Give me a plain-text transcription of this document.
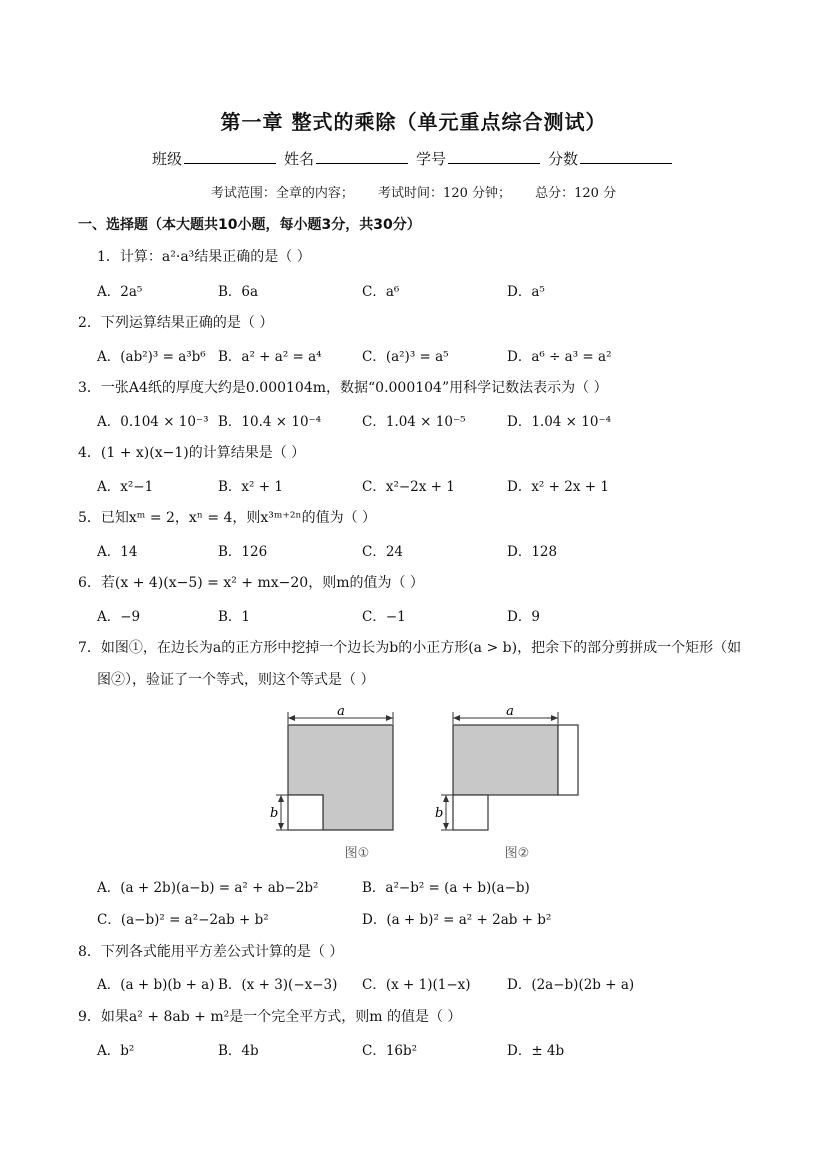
第一章 整式的乘除（单元重点综合测试）
班级	姓名	学号	分数
考试范围：全章的内容； 考试时间：120 分钟； 总分：120 分
一、选择题（本大题共10小题，每小题3分，共30分）
1．计算：a²·a³结果正确的是（ ）
A．2a⁵	B．6a	C．a⁶	D．a⁵
2．下列运算结果正确的是（ ）
A．(ab²)³ = a³b⁶ B．a² + a² = a⁴	C．(a²)³ = a⁵	D．a⁶ ÷ a³ = a²
3．一张A4纸的厚度大约是0.000104m，数据“0.000104”用科学记数法表示为（ ）
A．0.104 × 10⁻³ B．10.4 × 10⁻⁴	C．1.04 × 10⁻⁵	D．1.04 × 10⁻⁴
4．(1 + x)(x−1)的计算结果是（ ）
A．x²−1	B．x² + 1	C．x²−2x + 1	D．x² + 2x + 1
5．已知xᵐ = 2，xⁿ = 4，则x³ᵐ⁺²ⁿ的值为（ ）
A．14	B．126	C．24	D．128
6．若(x + 4)(x−5) = x² + mx−20，则m的值为（ ）
A．−9	B．1	C．−1	D．9
7．如图①，在边长为a的正方形中挖掉一个边长为b的小正方形(a > b)，把余下的部分剪拼成一个矩形（如
图②），验证了一个等式，则这个等式是（ ）
a
b
图①
a
b
图②
A．(a + 2b)(a−b) = a² + ab−2b²	B．a²−b² = (a + b)(a−b)
C．(a−b)² = a²−2ab + b²	D．(a + b)² = a² + 2ab + b²
8．下列各式能用平方差公式计算的是（ ）
A．(a + b)(b + a) B．(x + 3)(−x−3) C．(x + 1)(1−x)	D．(2a−b)(2b + a)
9．如果a² + 8ab + m²是一个完全平方式，则m 的值是（ ）
A．b²	B．4b	C．16b²	D．± 4b
